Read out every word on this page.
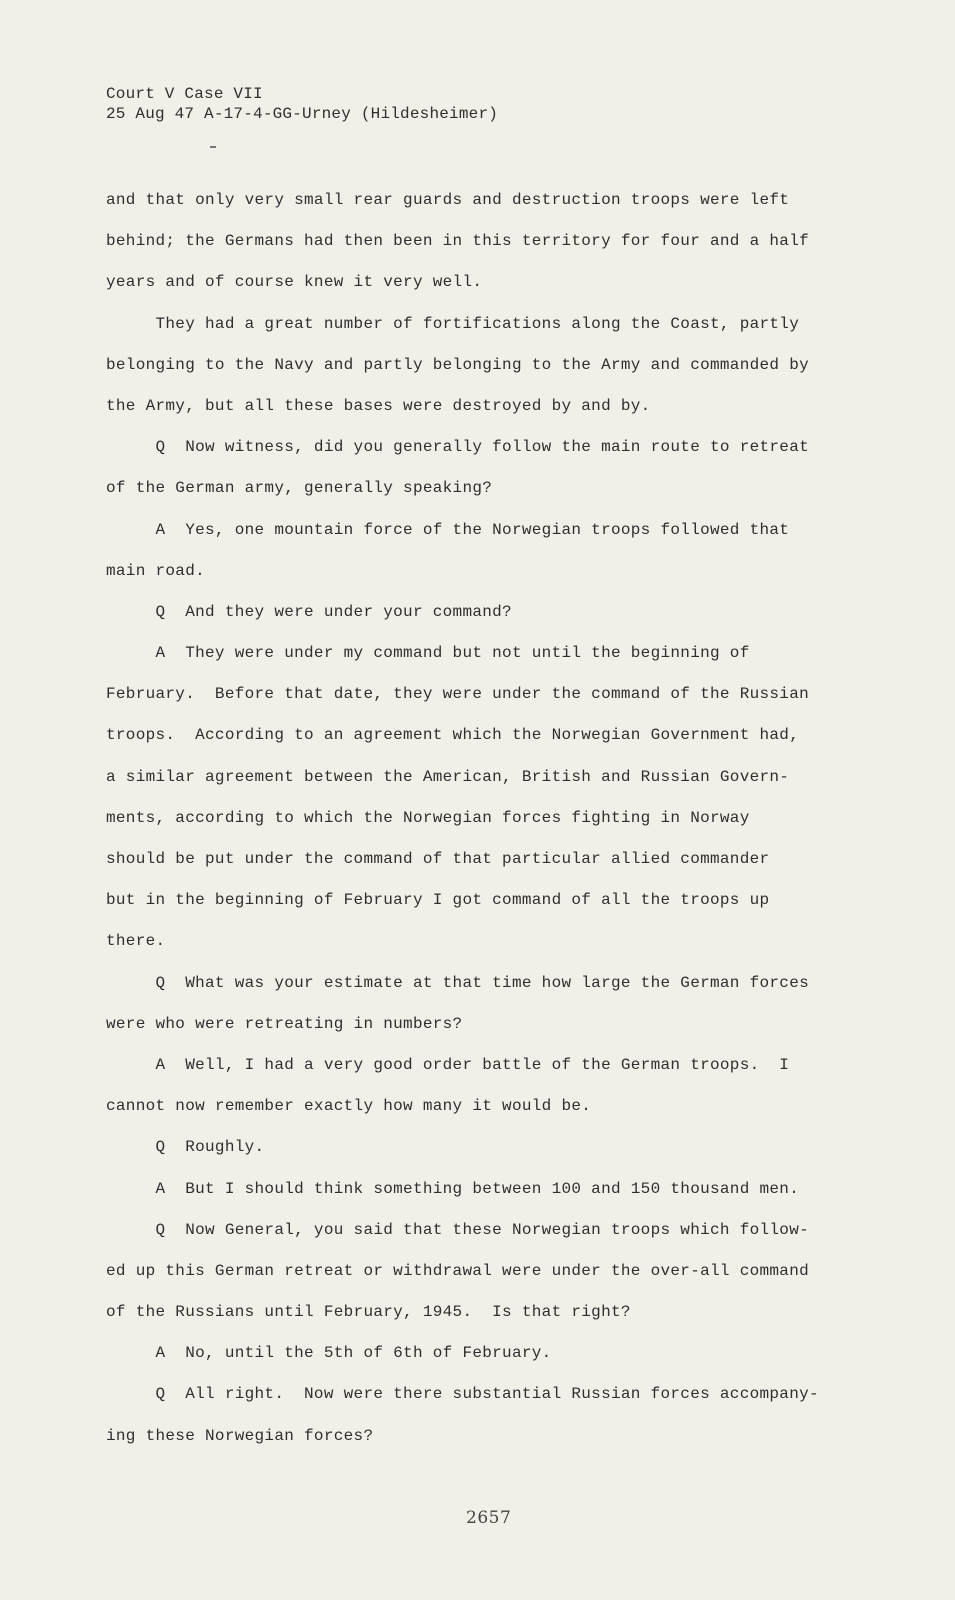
Court V Case VII
25 Aug 47 A-17-4-GG-Urney (Hildesheimer)
and that only very small rear guards and destruction troops were left
behind; the Germans had then been in this territory for four and a half
years and of course knew it very well.
They had a great number of fortifications along the Coast, partly
belonging to the Navy and partly belonging to the Army and commanded by
the Army, but all these bases were destroyed by and by.
Q  Now witness, did you generally follow the main route to retreat
of the German army, generally speaking?
A  Yes, one mountain force of the Norwegian troops followed that
main road.
Q  And they were under your command?
A  They were under my command but not until the beginning of
February.  Before that date, they were under the command of the Russian
troops.  According to an agreement which the Norwegian Government had,
a similar agreement between the American, British and Russian Govern-
ments, according to which the Norwegian forces fighting in Norway
should be put under the command of that particular allied commander
but in the beginning of February I got command of all the troops up
there.
Q  What was your estimate at that time how large the German forces
were who were retreating in numbers?
A  Well, I had a very good order battle of the German troops.  I
cannot now remember exactly how many it would be.
Q  Roughly.
A  But I should think something between 100 and 150 thousand men.
Q  Now General, you said that these Norwegian troops which follow-
ed up this German retreat or withdrawal were under the over-all command
of the Russians until February, 1945.  Is that right?
A  No, until the 5th of 6th of February.
Q  All right.  Now were there substantial Russian forces accompany-
ing these Norwegian forces?
2657
